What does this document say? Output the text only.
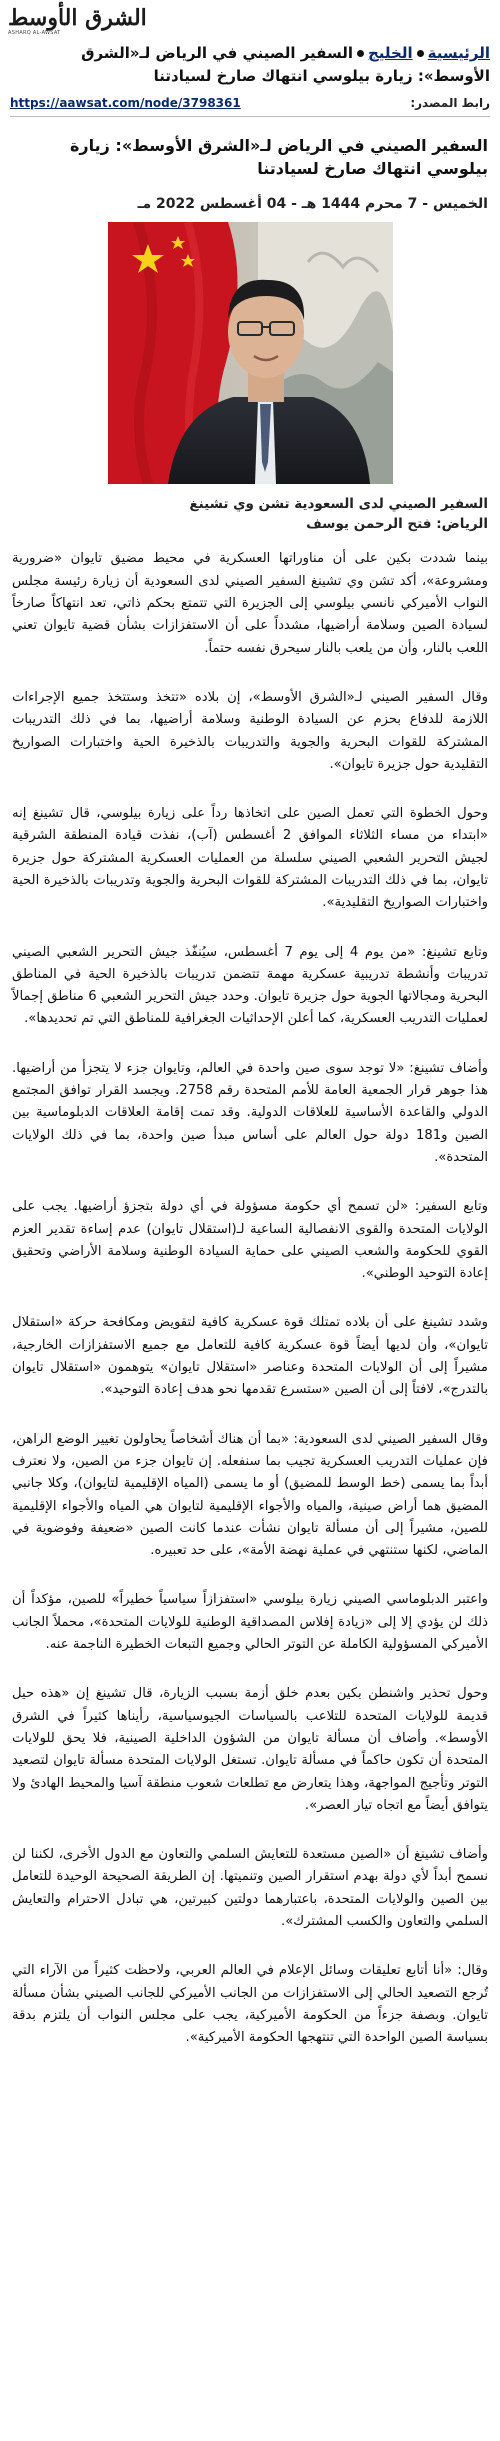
الشرق الأوسط
ASHARQ AL-AWSAT
الرئيسيةالخليجالسفير الصيني في الرياض لـ«الشرق الأوسط»: زيارة بيلوسي انتهاك صارخ لسيادتنا
رابط المصدر:
https://aawsat.com/node/3798361
السفير الصيني في الرياض لـ«الشرق الأوسط»: زيارة بيلوسي انتهاك صارخ لسيادتنا
الخميس - 7 محرم 1444 هـ - 04 أغسطس 2022 مـ
السفير الصيني لدى السعودية تشن وي تشينغ
الرياض: فتح الرحمن يوسف

بينما شددت بكين على أن مناوراتها العسكرية في محيط مضيق تايوان «ضرورية ومشروعة»، أكد تشن وي تشينغ السفير الصيني لدى السعودية أن زيارة رئيسة مجلس النواب الأميركي نانسي بيلوسي إلى الجزيرة التي تتمتع بحكم ذاتي، تعد انتهاكاً صارخاً لسيادة الصين وسلامة أراضيها، مشدداً على أن الاستفزازات بشأن قضية تايوان تعني اللعب بالنار، وأن من يلعب بالنار سيحرق نفسه حتماً.

وقال السفير الصيني لـ«الشرق الأوسط»، إن بلاده «تتخذ وستتخذ جميع الإجراءات اللازمة للدفاع بحزم عن السيادة الوطنية وسلامة أراضيها، بما في ذلك التدريبات المشتركة للقوات البحرية والجوية والتدريبات بالذخيرة الحية واختبارات الصواريخ التقليدية حول جزيرة تايوان».

وحول الخطوة التي تعمل الصين على اتخاذها رداً على زيارة بيلوسي، قال تشينغ إنه «ابتداء من مساء الثلاثاء الموافق 2 أغسطس (آب)، نفذت قيادة المنطقة الشرقية لجيش التحرير الشعبي الصيني سلسلة من العمليات العسكرية المشتركة حول جزيرة تايوان، بما في ذلك التدريبات المشتركة للقوات البحرية والجوية وتدريبات بالذخيرة الحية واختبارات الصواريخ التقليدية».

وتابع تشينغ: «من يوم 4 إلى يوم 7 أغسطس، سيُنفّذ جيش التحرير الشعبي الصيني تدريبات وأنشطة تدريبية عسكرية مهمة تتضمن تدريبات بالذخيرة الحية في المناطق البحرية ومجالاتها الجوية حول جزيرة تايوان. وحدد جيش التحرير الشعبي 6 مناطق إجمالاً لعمليات التدريب العسكرية، كما أعلن الإحداثيات الجغرافية للمناطق التي تم تحديدها».

وأضاف تشينغ: «لا توجد سوى صين واحدة في العالم، وتايوان جزء لا يتجزأ من أراضيها. هذا جوهر قرار الجمعية العامة للأمم المتحدة رقم 2758. ويجسد القرار توافق المجتمع الدولي والقاعدة الأساسية للعلاقات الدولية. وقد تمت إقامة العلاقات الدبلوماسية بين الصين و181 دولة حول العالم على أساس مبدأ صين واحدة، بما في ذلك الولايات المتحدة».

وتابع السفير: «لن تسمح أي حكومة مسؤولة في أي دولة بتجزؤ أراضيها. يجب على الولايات المتحدة والقوى الانفصالية الساعية لـ(استقلال تايوان) عدم إساءة تقدير العزم القوي للحكومة والشعب الصيني على حماية السيادة الوطنية وسلامة الأراضي وتحقيق إعادة التوحيد الوطني».

وشدد تشينغ على أن بلاده تمتلك قوة عسكرية كافية لتقويض ومكافحة حركة «استقلال تايوان»، وأن لديها أيضاً قوة عسكرية كافية للتعامل مع جميع الاستفزازات الخارجية، مشيراً إلى أن الولايات المتحدة وعناصر «استقلال تايوان» يتوهمون «استقلال تايوان بالتدرج»، لافتاً إلى أن الصين «ستسرع تقدمها نحو هدف إعادة التوحيد».

وقال السفير الصيني لدى السعودية: «بما أن هناك أشخاصاً يحاولون تغيير الوضع الراهن، فإن عمليات التدريب العسكرية تجيب بما سنفعله. إن تايوان جزء من الصين، ولا نعترف أبداً بما يسمى (خط الوسط للمضيق) أو ما يسمى (المياه الإقليمية لتايوان)، وكلا جانبي المضيق هما أراض صينية، والمياه والأجواء الإقليمية لتايوان هي المياه والأجواء الإقليمية للصين، مشيراً إلى أن مسألة تايوان نشأت عندما كانت الصين «ضعيفة وفوضوية في الماضي، لكنها ستنتهي في عملية نهضة الأمة»، على حد تعبيره.

واعتبر الدبلوماسي الصيني زيارة بيلوسي «استفزازاً سياسياً خطيراً» للصين، مؤكداً أن ذلك لن يؤدي إلا إلى «زيادة إفلاس المصداقية الوطنية للولايات المتحدة»، محملاً الجانب الأميركي المسؤولية الكاملة عن التوتر الحالي وجميع التبعات الخطيرة الناجمة عنه.

وحول تحذير واشنطن بكين بعدم خلق أزمة بسبب الزيارة، قال تشينغ إن «هذه حيل قديمة للولايات المتحدة للتلاعب بالسياسات الجيوسياسية، رأيناها كثيراً في الشرق الأوسط». وأضاف أن مسألة تايوان من الشؤون الداخلية الصينية، فلا يحق للولايات المتحدة أن تكون حاكماً في مسألة تايوان. تستغل الولايات المتحدة مسألة تايوان لتصعيد التوتر وتأجيج المواجهة، وهذا يتعارض مع تطلعات شعوب منطقة آسيا والمحيط الهادئ ولا يتوافق أيضاً مع اتجاه تيار العصر».

وأضاف تشينغ أن «الصين مستعدة للتعايش السلمي والتعاون مع الدول الأخرى، لكننا لن نسمح أبداً لأي دولة بهدم استقرار الصين وتنميتها. إن الطريقة الصحيحة الوحيدة للتعامل بين الصين والولايات المتحدة، باعتبارهما دولتين كبيرتين، هي تبادل الاحترام والتعايش السلمي والتعاون والكسب المشترك».

وقال: «أنا أتابع تعليقات وسائل الإعلام في العالم العربي، ولاحظت كثيراً من الآراء التي تُرجع التصعيد الحالي إلى الاستفزازات من الجانب الأميركي للجانب الصيني بشأن مسألة تايوان. وبصفة جزءاً من الحكومة الأميركية، يجب على مجلس النواب أن يلتزم بدقة بسياسة الصين الواحدة التي تنتهجها الحكومة الأميركية».
